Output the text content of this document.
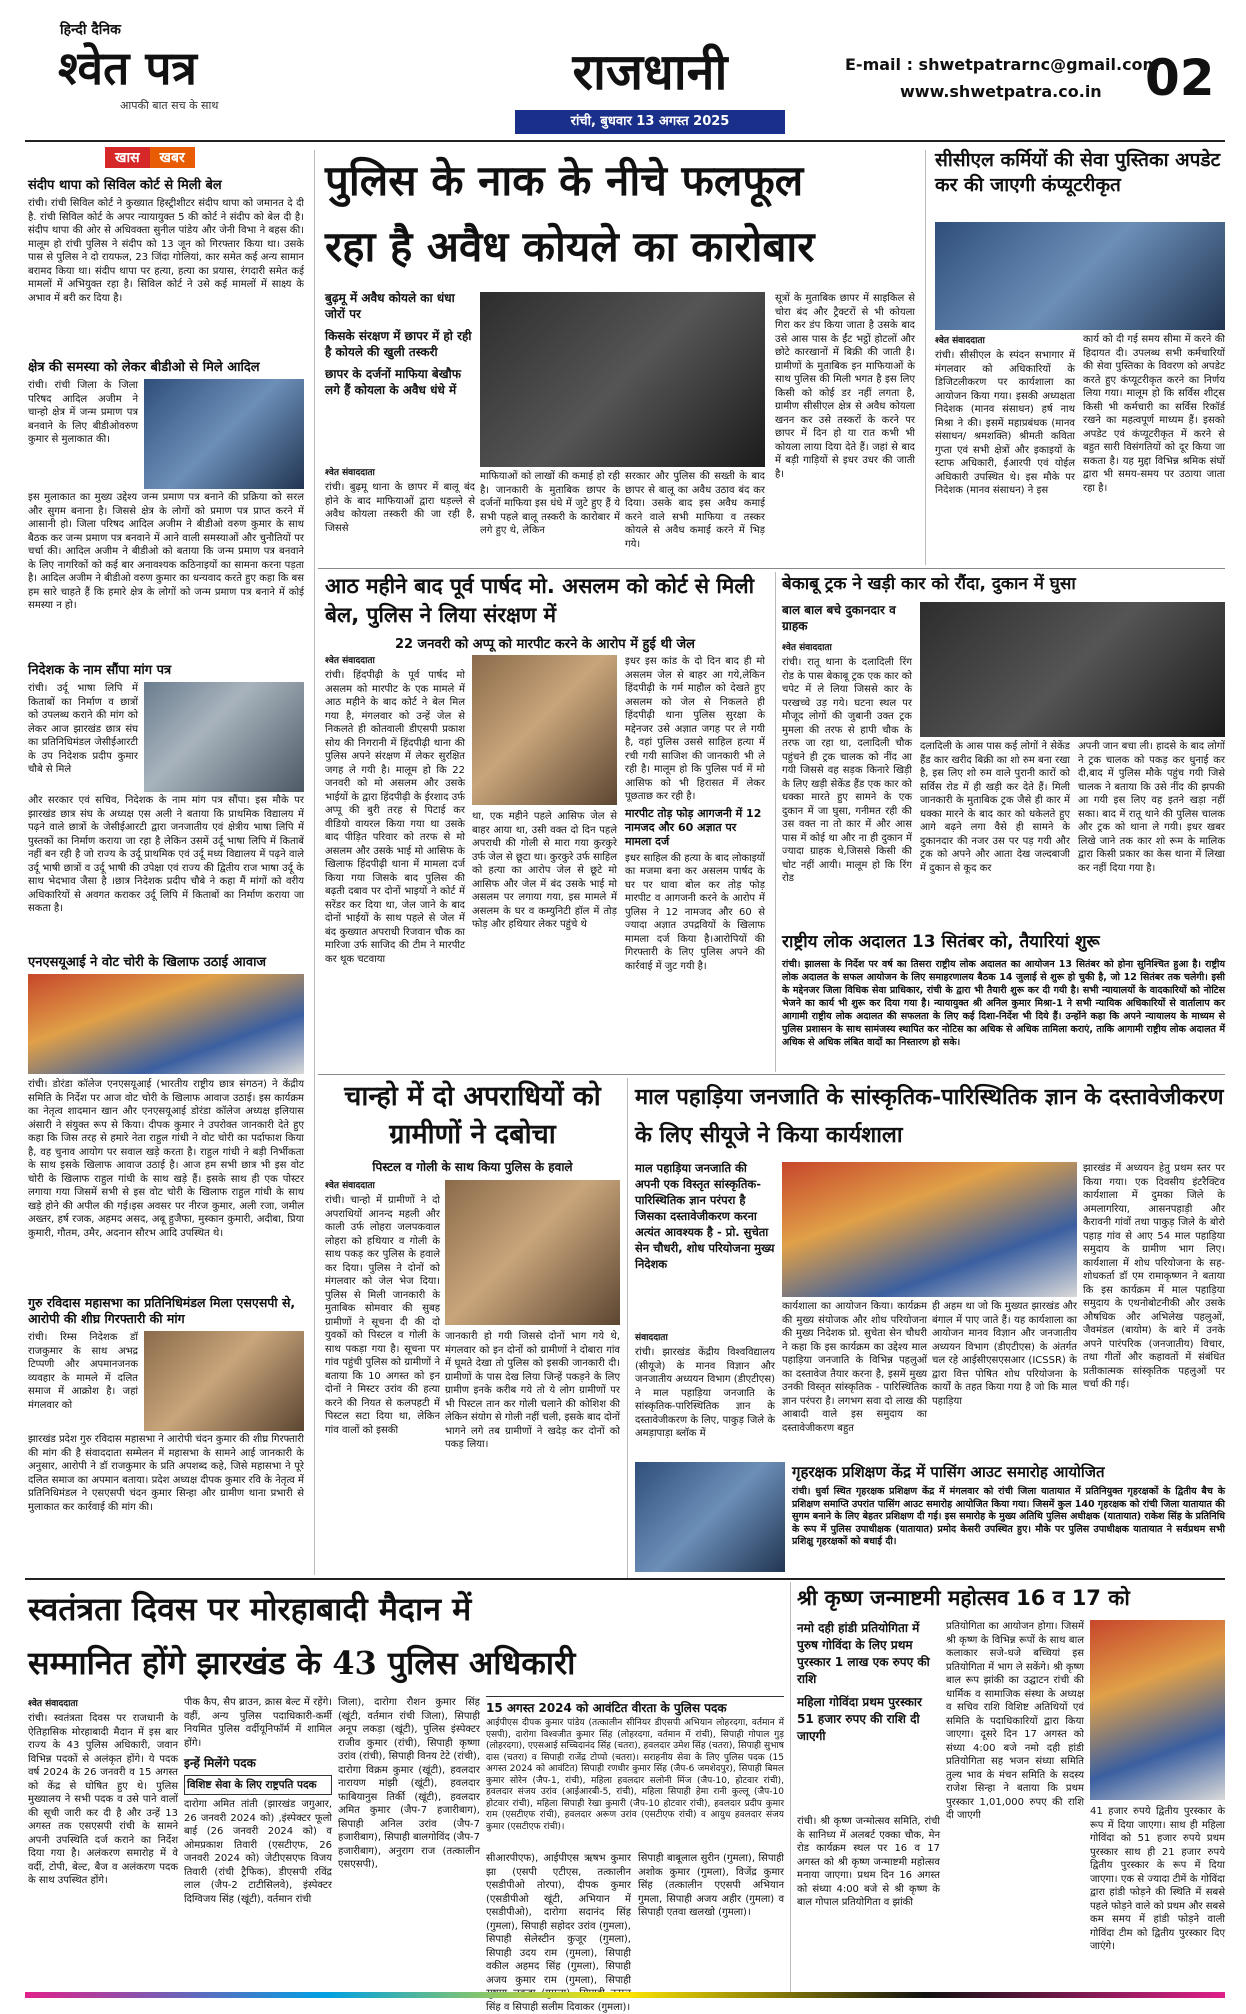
हिन्दी दैनिक
श्वेत पत्र
आपकी बात सच के साथ
राजधानी
रांची, बुधवार 13 अगस्त 2025
E-mail : shwetpatrarnc@gmail.com
www.shwetpatra.co.in 02
खास खबर
संदीप थापा को सिविल कोर्ट से मिली बेल
रांची। रांची सिविल कोर्ट ने कुख्यात हिस्ट्रीशीटर संदीप थापा को जमानत दे दी है. रांची सिविल कोर्ट के अपर न्यायायुक्त 5 की कोर्ट ने संदीप को बेल दी है। संदीप थापा की ओर से अधिवक्ता सुनील पांडेय और जेनी विभा ने बहस की। मालूम हो रांची पुलिस ने संदीप को 13 जून को गिरफ्तार किया था। उसके पास से पुलिस ने दो रायफल, 23 जिंदा गोलियां, कार समेत कई अन्य सामान बरामद किया था। संदीप थापा पर हत्या, हत्या का प्रयास, रंगदारी समेत कई मामलों में अभियुक्त रहा है। सिविल कोर्ट ने उसे कई मामलों में साक्ष्य के अभाव में बरी कर दिया है।
क्षेत्र की समस्या को लेकर बीडीओ से मिले आदिल
रांची। रांची जिला के जिला परिषद आदिल अजीम ने चान्हो क्षेत्र में जन्म प्रमाण पत्र बनवाने के लिए बीडीओवरुण कुमार से मुलाकात की।
इस मुलाकात का मुख्य उद्देश्य जन्म प्रमाण पत्र बनाने की प्रक्रिया को सरल और सुगम बनाना है। जिससे क्षेत्र के लोगों को प्रमाण पत्र प्राप्त करने में आसानी हो। जिला परिषद आदिल अजीम ने बीडीओ वरुण कुमार के साथ बैठक कर जन्म प्रमाण पत्र बनवाने में आने वाली समस्याओं और चुनौतियों पर चर्चा की। आदिल अजीम ने बीडीओ को बताया कि जन्म प्रमाण पत्र बनवाने के लिए नागरिकों को कई बार अनावश्यक कठिनाइयों का सामना करना पड़ता है। आदिल अजीम ने बीडीओ वरुण कुमार का धन्यवाद करते हुए कहा कि बस हम सारे चाहते हैं कि हमारे क्षेत्र के लोगों को जन्म प्रमाण पत्र बनाने में कोई समस्या न हो।
निदेशक के नाम सौंपा मांग पत्र
रांची। उर्दू भाषा लिपि में किताबों का निर्माण व छात्रों को उपलब्ध कराने की मांग को लेकर आज झारखंड छात्र संघ का प्रतिनिधिमंडल जेसीईआरटी के उप निदेशक प्रदीप कुमार चौबे से मिले
और सरकार एवं सचिव, निदेशक के नाम मांग पत्र सौंपा। इस मौके पर झारखंड छात्र संघ के अध्यक्ष एस अली ने बताया कि प्राथमिक विद्यालय में पढ़ने वाले छात्रों के जेसीईआरटी द्वारा जनजातीय एवं क्षेत्रीय भाषा लिपि में पुस्तकों का निर्माण कराया जा रहा है लेकिन उसमें उर्दू भाषा लिपि में किताबें नहीं बन रही है जो राज्य के उर्दू प्राथमिक एवं उर्दू मध्य विद्यालय में पढ़ने वाले उर्दू भाषी छात्रों व उर्दू भाषी की उपेक्षा एवं राज्य की द्वितीय राज भाषा उर्दू के साथ भेदभाव जैसा है ।छात्र निदेशक प्रदीप चौबे ने कहा मैं मांगों को वरीय अधिकारियों से अवगत कराकर उर्दू लिपि में किताबों का निर्माण कराया जा सकता है।
एनएसयूआई ने वोट चोरी के खिलाफ उठाई आवाज
रांची। डोरंडा कॉलेज एनएसयूआई (भारतीय राष्ट्रीय छात्र संगठन) ने केंद्रीय समिति के निर्देश पर आज वोट चोरी के खिलाफ आवाज उठाई। इस कार्यक्रम का नेतृत्व शादमान खान और एनएसयूआई डोरंडा कॉलेज अध्यक्ष इलियास अंसारी ने संयुक्त रूप से किया। दीपक कुमार ने उपरोक्त जानकारी देते हुए कहा कि जिस तरह से हमारे नेता राहुल गांधी ने वोट चोरी का पर्दाफाश किया है, वह चुनाव आयोग पर सवाल खड़े करता है। राहुल गांधी ने बड़ी निर्भीकता के साथ इसके खिलाफ आवाज उठाई है। आज हम सभी छात्र भी इस वोट चोरी के खिलाफ राहुल गांधी के साथ खड़े हैं। इसके साथ ही एक पोस्टर लगाया गया जिसमें सभी से इस वोट चोरी के खिलाफ राहुल गांधी के साथ खड़े होने की अपील की गई।इस अवसर पर नीरज कुमार, अली रजा, जमील अख्तर, हर्ष रजक, अहमद असद, अबू हुजैफा, मुस्कान कुमारी, अदीबा, प्रिया कुमारी, गौतम, उमैर, अदनान सौरभ आदि उपस्थित थे।
गुरु रविदास महासभा का प्रतिनिधिमंडल मिला एसएसपी से, आरोपी की शीघ्र गिरफ्तारी की मांग
रांची। रिम्स निदेशक डॉ राजकुमार के साथ अभद्र टिप्पणी और अपमानजनक व्यवहार के मामले में दलित समाज में आक्रोश है। जहां मंगलवार को
झारखंड प्रदेश गुरु रविदास महासभा ने आरोपी चंदन कुमार की शीघ्र गिरफ्तारी की मांग की है संवाददाता सम्मेलन में महासभा के सामने आई जानकारी के अनुसार, आरोपी ने डॉ राजकुमार के प्रति अपशब्द कहे, जिसे महासभा ने पूरे दलित समाज का अपमान बताया। प्रदेश अध्यक्ष दीपक कुमार रवि के नेतृत्व में प्रतिनिधिमंडल ने एसएसपी चंदन कुमार सिन्हा और ग्रामीण थाना प्रभारी से मुलाकात कर कार्रवाई की मांग की।
पुलिस के नाक के नीचे फलफूल
रहा है अवैध कोयले का कारोबार
बुढ़मू में अवैध कोयले का धंधा जोरों पर
किसके संरक्षण में छापर में हो रही है कोयले की खुली तस्करी
छापर के दर्जनों माफिया बेखौफ लगे हैं कोयला के अवैध धंधे में
श्वेत संवाददाता
रांची। बुढ़मू थाना के छापर में बालू बंद होने के बाद माफियाओं द्वारा धड़ल्ले से अवैध कोयला तस्करी की जा रही है, जिससे
माफियाओं को लाखों की कमाई हो रही है। जानकारी के मुताबिक छापर के दर्जनों माफिया इस धंधे में जुटे हुए हैं ये सभी पहले बालू तस्करी के कारोबार में लगे हुए थे, लेकिन
सरकार और पुलिस की सख्ती के बाद छापर से बालू का अवैध उठाव बंद कर दिया। उसके बाद इस अवैध कमाई करने वाले सभी माफिया व तस्कर कोयले से अवैध कमाई करने में भिड़ गये।
सूत्रों के मुताबिक छापर में साइकिल से चोरा बंद और ट्रैक्टरों से भी कोयला गिरा कर डंप किया जाता है उसके बाद उसे आस पास के ईंट भट्ठों होटलों और छोटे कारखानों में बिक्री की जाती है। ग्रामीणों के मुताबिक इन माफियाओं के साथ पुलिस की मिली भगत है इस लिए किसी को कोई डर नहीं लगता है, ग्रामीण सीसीएल क्षेत्र से अवैध कोयला खनन कर उसे तस्करों के करने पर छापर में दिन हो या रात कभी भी कोयला लाया दिया देते हैं। जहां से बाद में बड़ी गाड़ियों से इधर उधर की जाती है।
सीसीएल कर्मियों की सेवा पुस्तिका अपडेट कर की जाएगी कंप्यूटरीकृत
श्वेत संवाददाता
रांची। सीसीएल के स्पंदन सभागार में मंगलवार को अधिकारियों के डिजिटलीकरण पर कार्यशाला का आयोजन किया गया। इसकी अध्यक्षता निदेशक (मानव संसाधन) हर्ष नाथ मिश्रा ने की। इसमें महाप्रबंधक (मानव संसाधन/ श्रमशक्ति) श्रीमती कविता गुप्ता एवं सभी क्षेत्रों और इकाइयों के स्टाफ अधिकारी, ईआरपी एवं योईल अधिकारी उपस्थित थे। इस मौके पर निदेशक (मानव संसाधन) ने इस
कार्य को दी गई समय सीमा में करने की हिदायत दी। उपलब्ध सभी कर्मचारियों की सेवा पुस्तिका के विवरण को अपडेट करते हुए कंप्यूटरीकृत करने का निर्णय लिया गया। मालूम हो कि सर्विस शीट्स किसी भी कर्मचारी का सर्विस रिकॉर्ड रखने का महत्वपूर्ण माध्यम हैं। इसको अपडेट एवं कंप्यूटरीकृत में करने से बहुत सारी विसंगतियों को दूर किया जा सकता है। यह मुद्दा विभिन्न श्रमिक संघों द्वारा भी समय-समय पर उठाया जाता रहा है।
आठ महीने बाद पूर्व पार्षद मो. असलम को कोर्ट से मिली बेल, पुलिस ने लिया संरक्षण में
22 जनवरी को अप्पू को मारपीट करने के आरोप में हुई थी जेल
श्वेत संवाददाता
रांची। हिंदपीढ़ी के पूर्व पार्षद मो असलम को मारपीट के एक मामले में आठ महीने के बाद कोर्ट ने बेल मिल गया है, मंगलवार को उन्हें जेल से निकलते ही कोतवाली डीएसपी प्रकाश सोय की निगरानी में हिंदपीढ़ी थाना की पुलिस अपने संरक्षण में लेकर सुरक्षित जगह ले गयी है। मालूम हो कि 22 जनवरी को मो असलम और उसके भाईयों के द्वारा हिंदपीढ़ी के ईरशाद उर्फ अप्पू की बुरी तरह से पिटाई कर वीडियो वायरल किया गया था उसके बाद पीड़ित परिवार को तरफ से मो असलम और उसके भाई मो आसिफ के खिलाफ हिंदपीढ़ी थाना में मामला दर्ज किया गया जिसके बाद पुलिस की बढ़ती दबाव पर दोनों भाइयों ने कोर्ट में सरेंडर कर दिया था, जेल जाने के बाद दोनों भाईयों के साथ पहले से जेल में बंद कुख्यात अपराधी रिजवान चौक का मारिजा उर्फ साजिद की टीम ने मारपीट कर थूक चटवाया
था, एक महीने पहले आसिफ जेल से बाहर आया था, उसी वक्त दो दिन पहले अपराधी की गोली से मारा गया कुरकुरे उर्फ जेल से छूटा था। कुरकुरे उर्फ साहिल को हत्या का आरोप जेल से छूटे मो आसिफ और जेल में बंद उसके भाई मो असलम पर लगाया गया, इस मामले में असलम के घर व कम्युनिटी हॉल में तोड़ फोड़ और हथियार लेकर पहुंचे थे
इधर इस कांड के दो दिन बाद ही मो असलम जेल से बाहर आ गये,लेकिन हिंदपीढ़ी के गर्म माहौल को देखते हुए असलम को जेल से निकलते ही हिंदपीढ़ी थाना पुलिस सुरक्षा के मद्देनजर उसे अज्ञात जगह पर ले गयी है, वहां पुलिस उससे साहिल हत्या में रची गयी साजिश की जानकारी भी ले रही है। मालूम हो कि पुलिस पर्व में मो आसिफ को भी हिरासत में लेकर पूछताछ कर रही है।
मारपीट तोड़ फोड़ आगजनी में 12 नामजद और 60 अज्ञात पर मामला दर्ज
इधर साहिल की हत्या के बाद लोकाइयों का मजमा बना कर असलम पार्षद के घर पर धावा बोल कर तोड़ फोड़ मारपीट व आगजनी करने के आरोप में पुलिस ने 12 नामजद और 60 से ज्यादा अज्ञात उपद्रवियों के खिलाफ मामला दर्ज किया है।आरोपियों की गिरफ्तारी के लिए पुलिस अपने की कार्रवाई में जुट गयी है।
बेकाबू ट्रक ने खड़ी कार को रौंदा, दुकान में घुसा
बाल बाल बचे दुकानदार व ग्राहक
श्वेत संवाददाता
रांची। रातू थाना के दलादिली रिंग रोड के पास बेकाबू ट्रक एक कार को चपेट में ले लिया जिससे कार के परखच्चे उड़ गये। घटना स्थल पर मौजूद लोगों की जुबानी उक्त ट्रक मुमला की तरफ से हापी चौक के तरफ जा रहा था, दलादिली चौक पहुंचने ही ट्रक चालक को नींद आ गयी जिससे वह सड़क किनारे खिड़ी के लिए खड़ी सेकेंड हैंड एक कार को धक्का मारते हुए सामने के एक दुकान में जा घुसा, गनीमत रही की उस वक्त ना तो कार में और आस पास में कोई था और ना ही दुकान में ज्यादा ग्राहक थे,जिससे किसी की चोट नहीं आयी। मालूम हो कि रिंग रोड
दलादिली के आस पास कई लोगों ने सेकेंड हैंड कार खरीद बिक्री का शो रुम बना रखा है, इस लिए शो रुम वाले पुरानी कारों को सर्विस रोड में ही खड़ी कर देते हैं। मिली जानकारी के मुताबिक ट्रक जैसे ही कार में धक्का मारने के बाद कार को धकेलते हुए आगे बढ़ने लगा वैसे ही सामने के दुकानदार की नजर उस पर पड़ गयी और ट्रक को अपने और आता देख जल्दबाजी में दुकान से कूद कर
अपनी जान बचा ली। हादसे के बाद लोगों ने ट्रक चालक को पकड़ कर धुनाई कर दी,बाद में पुलिस मौके पहुंच गयी जिसे चालक ने बताया कि उसे नींद की झपकी आ गयी इस लिए वह इतने खड़ा नहीं सका। बाद में रातू थाने की पुलिस चालक और ट्रक को थाना ले गयी। इधर खबर लिखे जाने तक कार शो रूम के मालिक द्वारा किसी प्रकार का केस थाना में लिखा कर नहीं दिया गया है।
राष्ट्रीय लोक अदालत 13 सितंबर को, तैयारियां शुरू
रांची। झालसा के निर्देश पर वर्ष का तिसरा राष्ट्रीय लोक अदालत का आयोजन 13 सितंबर को होना सुनिश्चित हुआ है। राष्ट्रीय लोक अदालत के सफल आयोजन के लिए समाहरणालय बैठक 14 जुलाई से शुरू हो चुकी है, जो 12 सितंबर तक चलेगी। इसी के मद्देनजर जिला विधिक सेवा प्राधिकार, रांची के द्वारा भी तैयारी शुरू कर दी गयी है। सभी न्यायालयों के वादकारियों को नोटिस भेजने का कार्य भी शुरू कर दिया गया है। न्यायायुक्त श्री अनिल कुमार मिश्रा-1 ने सभी न्यायिक अधिकारियों से वार्तालाप कर आगामी राष्ट्रीय लोक अदालत की सफलता के लिए कई दिशा-निर्देश भी दिये हैं। उन्होंने कहा कि अपने न्यायालय के माध्यम से पुलिस प्रशासन के साथ सामंजस्य स्थापित कर नोटिस का अधिक से अधिक तामिला कराएं, ताकि आगामी राष्ट्रीय लोक अदालत में अधिक से अधिक लंबित वादों का निस्तारण हो सके।
चान्हो में दो अपराधियों को ग्रामीणों ने दबोचा
पिस्टल व गोली के साथ किया पुलिस के हवाले
श्वेत संवाददाता
रांची। चान्हो में ग्रामीणों ने दो अपराधियों आनन्द महली और काली उर्फ लोहरा जलपकवाल लोहरा को हथियार व गोली के साथ पकड़ कर पुलिस के हवाले कर दिया। पुलिस ने दोनों को मंगलवार को जेल भेज दिया। पुलिस से मिली जानकारी के मुताबिक सोमवार की सुबह ग्रामीणों ने सूचना दी की दो युवकों को पिस्टल व गोली के साथ पकड़ा गया है। सूचना पर गांव पहुंची पुलिस को ग्रामीणों ने बताया कि 10 अगस्त को इन दोनों ने मिस्टर उरांव की हत्या करने की नियत से कलपहटी में पिस्टल सटा दिया था, लेकिन गांव वालों को इसकी
जानकारी हो गयी जिससे दोनों भाग गये थे, मंगलवार को इन दोनों को ग्रामीणों ने दोबारा गांव में घूमते देखा तो पुलिस को इसकी जानकारी दी। ग्रामीणों के पास देख लिया जिन्हें पकड़ने के लिए ग्रामीण इनके करीब गये तो ये लोग ग्रामीणों पर भी पिस्टल तान कर गोली चलाने की कोशिश की लेकिन संयोग से गोली नहीं चली, इसके बाद दोनों भागने लगे तब ग्रामीणों ने खदेड़ कर दोनों को पकड़ लिया।
माल पहाड़िया जनजाति के सांस्कृतिक-पारिस्थितिक ज्ञान के दस्तावेजीकरण के लिए सीयूजे ने किया कार्यशाला
माल पहाड़िया जनजाति की अपनी एक विस्तृत सांस्कृतिक-पारिस्थितिक ज्ञान परंपरा है जिसका दस्तावेजीकरण करना अत्यंत आवश्यक है - प्रो. सुचेता सेन चौधरी, शोध परियोजना मुख्य निदेशक
संवाददाता
रांची। झारखंड केंद्रीय विश्वविद्यालय (सीयूजे) के मानव विज्ञान और जनजातीय अध्ययन विभाग (डीएटीएस) ने माल पहाड़िया जनजाति के सांस्कृतिक-पारिस्थितिक ज्ञान के दस्तावेजीकरण के लिए, पाकुड़ जिले के अमड़ापाड़ा ब्लॉक में
कार्यशाला का आयोजन किया। कार्यक्रम की मुख्य संयोजक और शोध परियोजना की मुख्य निदेशक प्रो. सुचेता सेन चौधरी ने कहा कि इस कार्यक्रम का उद्देश्य माल पहाड़िया जनजाति के विभिन्न पहलुओं का दस्तावेज तैयार करना है, इसमें मुख्य उनकी विस्तृत सांस्कृतिक - पारिस्थितिक ज्ञान परंपरा है। लगभग सवा दो लाख की आबादी वाले इस समुदाय का दस्तावेजीकरण बहुत
ही अहम था जो कि मुख्यत झारखंड और बंगाल में पाए जाते हैं। यह कार्यशाला का आयोजन मानव विज्ञान और जनजातीय अध्ययन विभाग (डीएटीएस) के अंतर्गत चल रहे आईसीएसएसआर (ICSSR) के द्वारा वित्त पोषित शोध परियोजना के कार्यों के तहत किया गया है जो कि माल पहाड़िया
झारखंड में अध्ययन हेतु प्रथम स्तर पर किया गया। एक दिवसीय इंटरैक्टिव कार्यशाला में दुमका जिले के अमलागरिया, आसनपहाड़ी और कैरावनी गांवों तथा पाकुड़ जिले के बोरो पहाड़ गांव से आए 54 माल पहाड़िया समुदाय के ग्रामीण भाग लिए। कार्यशाला में शोध परियोजना के सह-शोधकर्ता डॉ एम रामाकृष्णन ने बताया कि इस कार्यक्रम में माल पहाड़िया समुदाय के एथनोबोटनीकी और उसके औषधिक और अभिलेख पहलुओं, जैवमंडल (बायोम) के बारे में उनके अपने पारंपरिक (जनजातीय) विचार, तथा गीतों और कहावतों में संबंधित प्रतीकात्मक सांस्कृतिक पहलुओं पर चर्चा की गई।
गृहरक्षक प्रशिक्षण केंद्र में पासिंग आउट समारोह आयोजित
रांची। धुर्वा स्थित गृहरक्षक प्रशिक्षण केंद्र में मंगलवार को रांची जिला यातायात में प्रतिनियुक्त गृहरक्षकों के द्वितीय बैच के प्रशिक्षण समाप्ति उपरांत पासिंग आउट समारोह आयोजित किया गया। जिसमें कुल 140 गृहरक्षक को रांची जिला यातायात की सुगम बनाने के लिए बेहतर प्रशिक्षण दी गई। इस समारोह के मुख्य अतिथि पुलिस अधीक्षक (यातायात) राकेश सिंह के प्रतिनिधि के रूप में पुलिस उपाधीक्षक (यातायात) प्रमोद केसरी उपस्थित हुए। मौके पर पुलिस उपाधीक्षक यातायात ने सर्वप्रथम सभी प्रशिक्षु गृहरक्षकों को बधाई दी।
स्वतंत्रता दिवस पर मोरहाबादी मैदान में
सम्मानित होंगे झारखंड के 43 पुलिस अधिकारी
श्वेत संवाददाता
रांची। स्वतंत्रता दिवस पर राजधानी के ऐतिहासिक मोरहाबादी मैदान में इस बार राज्य के 43 पुलिस अधिकारी, जवान विभिन्न पदकों से अलंकृत होंगे। ये पदक वर्ष 2024 के 26 जनवरी व 15 अगस्त को केंद्र से घोषित हुए थे। पुलिस मुख्यालय ने सभी पदक व उसे पाने वालों की सूची जारी कर दी है और उन्हें 13 अगस्त तक एसएसपी रांची के सामने अपनी उपस्थिति दर्ज कराने का निर्देश दिया गया है। अलंकरण समारोह में वे वर्दी, टोपी, बेल्ट, बैज व अलंकरण पदक के साथ उपस्थित होंगे।
पीक कैप, सैप ब्राउन, क्रास बेल्ट में रहेंगे। वहीं, अन्य पुलिस पदाधिकारी-कर्मी नियमित पुलिस वर्दीयूनिफॉर्म में शामिल होंगे।
इन्हें मिलेंगे पदक
विशिष्ट सेवा के लिए राष्ट्रपति पदक
दारोगा अमित तांती (झारखंड जगुआर, 26 जनवरी 2024 को) ,इंस्पेक्टर फूलो बाई (26 जनवरी 2024 को) व ओमप्रकाश तिवारी (एसटीएफ, 26 जनवरी 2024 को) जेटीएसएफ विजय तिवारी (रांची ट्रैफिक), डीएसपी रविंद्र लाल (जैप-2 टाटीसिलवे), इंस्पेक्टर दिग्विजय सिंह (खूंटी), वर्तमान रांची
जिला), दारोगा रौशन कुमार सिंह (खूंटी, वर्तमान रांची जिला), सिपाही अनूप लकड़ा (खूंटी), पुलिस इंस्पेक्टर राजीव कुमार (रांची), सिपाही कृष्णा उरांव (रांची), सिपाही विनय टेटे (रांची), दारोगा विक्रम कुमार (खूंटी), हवलदार नारायण मांझी (खूंटी), हवलदार फाबियानुस तिर्की (खूंटी), हवलदार अमित कुमार (जैप-7 हजारीबाग), सिपाही अनिल उरांव (जैप-7 हजारीबाग), सिपाही बालगोविंद (जैप-7 हजारीबाग), अनुराग राज (तत्कालीन एसएसपी),
15 अगस्त 2024 को आवंटित वीरता के पुलिस पदक
आईपीएस दीपक कुमार पांडेय (तत्कालीन सीनियर डीएसपी अभियान लोहरदगा, वर्तमान में एसपी), दारोगा विश्वजीत कुमार सिंह (लोहरदगा, वर्तमान में रांची), सिपाही गोपाल गुड़ (लोहरदगा), एएसआई सच्चिदानंद सिंह (चतरा), हवलदार उमेश सिंह (चतरा), सिपाही सुभाष दास (चतरा) व सिपाही राजेंद्र टोप्पो (चतरा)। सराहनीय सेवा के लिए पुलिस पदक (15 अगस्त 2024 को आवंटित) सिपाही रणधीर कुमार सिंह (जैप-6 जमशेदपुर), सिपाही बिमल कुमार सोरेन (जैप-1, रांची), महिला हवलदार सलोनी मिंज (जैप-10, होटवार रांची), हवलदार संजय उरांव (आईआरबी-5, रांची), महिला सिपाही हेमा रानी कुल्लू (जैप-10 होटवार रांची), महिला सिपाही रेखा कुमारी (जैप-10 होटवार रांची), हवलदार प्रदीप कुमार राम (एसटीएफ रांची), हवलदार अरूण उरांव (एसटीएफ रांची) व आयुध हवलदार संजय कुमार (एसटीएफ रांची)।
सीआरपीएफ), आईपीएस ऋषभ कुमार झा (एसपी एटीएस, तत्कालीन एसडीपीओ तोरपा), दीपक कुमार (एसडीपीओ खूंटी, अभियान में एसडीपीओ), दारोगा सदानंद सिंह (गुमला), सिपाही सहोदर उरांव (गुमला), सिपाही सेलेस्टीन कुजूर (गुमला), सिपाही उदय राम (गुमला), सिपाही वकील अहमद सिंह (गुमला), सिपाही अजय कुमार राम (गुमला), सिपाही सिंह व सिपाही सलीम दिवाकर (गुमला)।
सिपाही बाबूलाल सुरीन (गुमला), सिपाही अशोक कुमार (गुमला), विजेंद्र कुमार सिंह (तत्कालीन एएसपी अभियान गुमला, सिपाही अजय अहीर (गुमला) व सिपाही एतवा खलखो (गुमला)।
श्री कृष्ण जन्माष्टमी महोत्सव 16 व 17 को
नमो दही हांडी प्रतियोगिता में पुरुष गोविंदा के लिए प्रथम पुरस्कार 1 लाख एक रुपए की राशि
महिला गोविंदा प्रथम पुरस्कार 51 हजार रुपए की राशि दी जाएगी
रांची। श्री कृष्ण जन्मोत्सव समिति, रांची के सानिध्य में अलबर्ट एक्का चौक, मेन रोड कार्यक्रम स्थल पर 16 व 17 अगस्त को श्री कृष्ण जन्माष्टमी महोत्सव मनाया जाएगा। प्रथम दिन 16 अगस्त को संध्या 4:00 बजे से श्री कृष्ण के बाल गोपाल प्रतियोगिता व झांकी
प्रतियोगिता का आयोजन होगा। जिसमें श्री कृष्ण के विभिन्न रूपों के साथ बाल कलाकार सजे-धजे बच्चियां इस प्रतियोगिता में भाग ले सकेंगे। श्री कृष्ण बाल रूप झांकी का उद्घाटन रांची की धार्मिक व सामाजिक संस्था के अध्यक्ष व सचिव राशि विशिष्ट अतिथियों एवं समिति के पदाधिकारियों द्वारा किया जाएगा। दूसरे दिन 17 अगस्त को संध्या 4:00 बजे नमो दही हांडी प्रतियोगिता सह भजन संध्या समिति तुल्य भाव के मंचन समिति के सदस्य राजेश सिन्हा ने बताया कि प्रथम पुरस्कार 1,01,000 रुपए की राशि दी जाएगी	41 हजार रुपये द्वितीय पुरस्कार के रूप में दिया जाएगा। साथ ही महिला गोविंदा को 51 हजार रुपये प्रथम पुरस्कार साथ ही 21 हजार रुपये द्वितीय पुरस्कार के रूप में दिया जाएगा। एक से ज्यादा टीमें के गोविंदा द्वारा हांडी फोड़ने की स्थिति में सबसे पहले फोड़ने वाले को प्रथम और सबसे कम समय में हांडी फोड़ने वाली गोविंदा टीम को द्वितीय पुरस्कार दिए जाएंगे।
